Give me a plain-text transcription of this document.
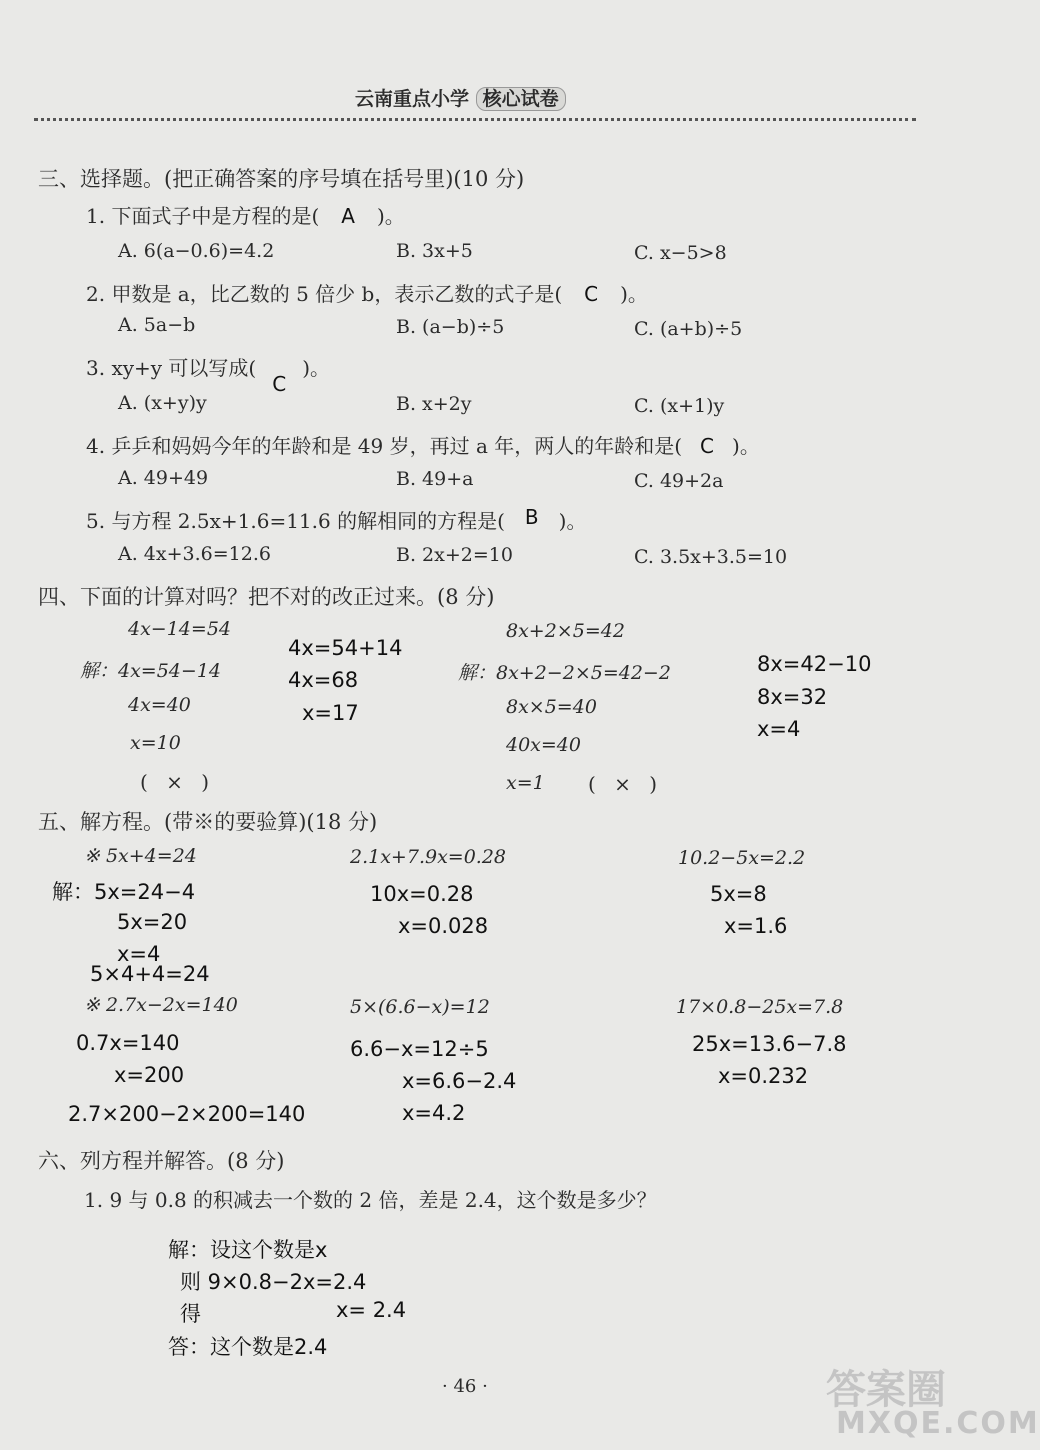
云南重点小学 核心试卷
三、选择题。(把正确答案的序号填在括号里)(10 分)
1. 下面式子中是方程的是( A )。
A. 6(a−0.6)=4.2	B. 3x+5	C. x−5>8
2. 甲数是 a，比乙数的 5 倍少 b，表示乙数的式子是( C )。
A. 5a−b	B. (a−b)÷5	C. (a+b)÷5
3. xy+y 可以写成(C)。
A. (x+y)y	B. x+2y	C. (x+1)y
4. 乒乒和妈妈今年的年龄和是 49 岁，再过 a 年，两人的年龄和是( C )。
A. 49+49	B. 49+a	C. 49+2a
5. 与方程 2.5x+1.6=11.6 的解相同的方程是( B )。
A. 4x+3.6=12.6	B. 2x+2=10	C. 3.5x+3.5=10
四、下面的计算对吗？把不对的改正过来。(8 分)
4x−14=54
解：4x=54−14
4x=40
x=10
( × )
4x=54+14
4x=68
x=17
8x+2×5=42
解：8x+2−2×5=42−2
8x×5=40
40x=40
x=1 ( × )
8x=42−10
8x=32
x=4
五、解方程。(带※的要验算)(18 分)
※ 5x+4=24
解：5x=24−4
5x=20
x=4
5×4+4=24
2.1x+7.9x=0.28
10x=0.28
x=0.028
10.2−5x=2.2
5x=8
x=1.6
※ 2.7x−2x=140
0.7x=140
x=200
2.7×200−2×200=140
5×(6.6−x)=12
6.6−x=12÷5
x=6.6−2.4
x=4.2
17×0.8−25x=7.8
25x=13.6−7.8
x=0.232
六、列方程并解答。(8 分)
1. 9 与 0.8 的积减去一个数的 2 倍，差是 2.4，这个数是多少？
解：设这个数是x
则 9×0.8−2x=2.4
得	x= 2.4
答：这个数是2.4
· 46 ·	答案圈
MXQE.COM
